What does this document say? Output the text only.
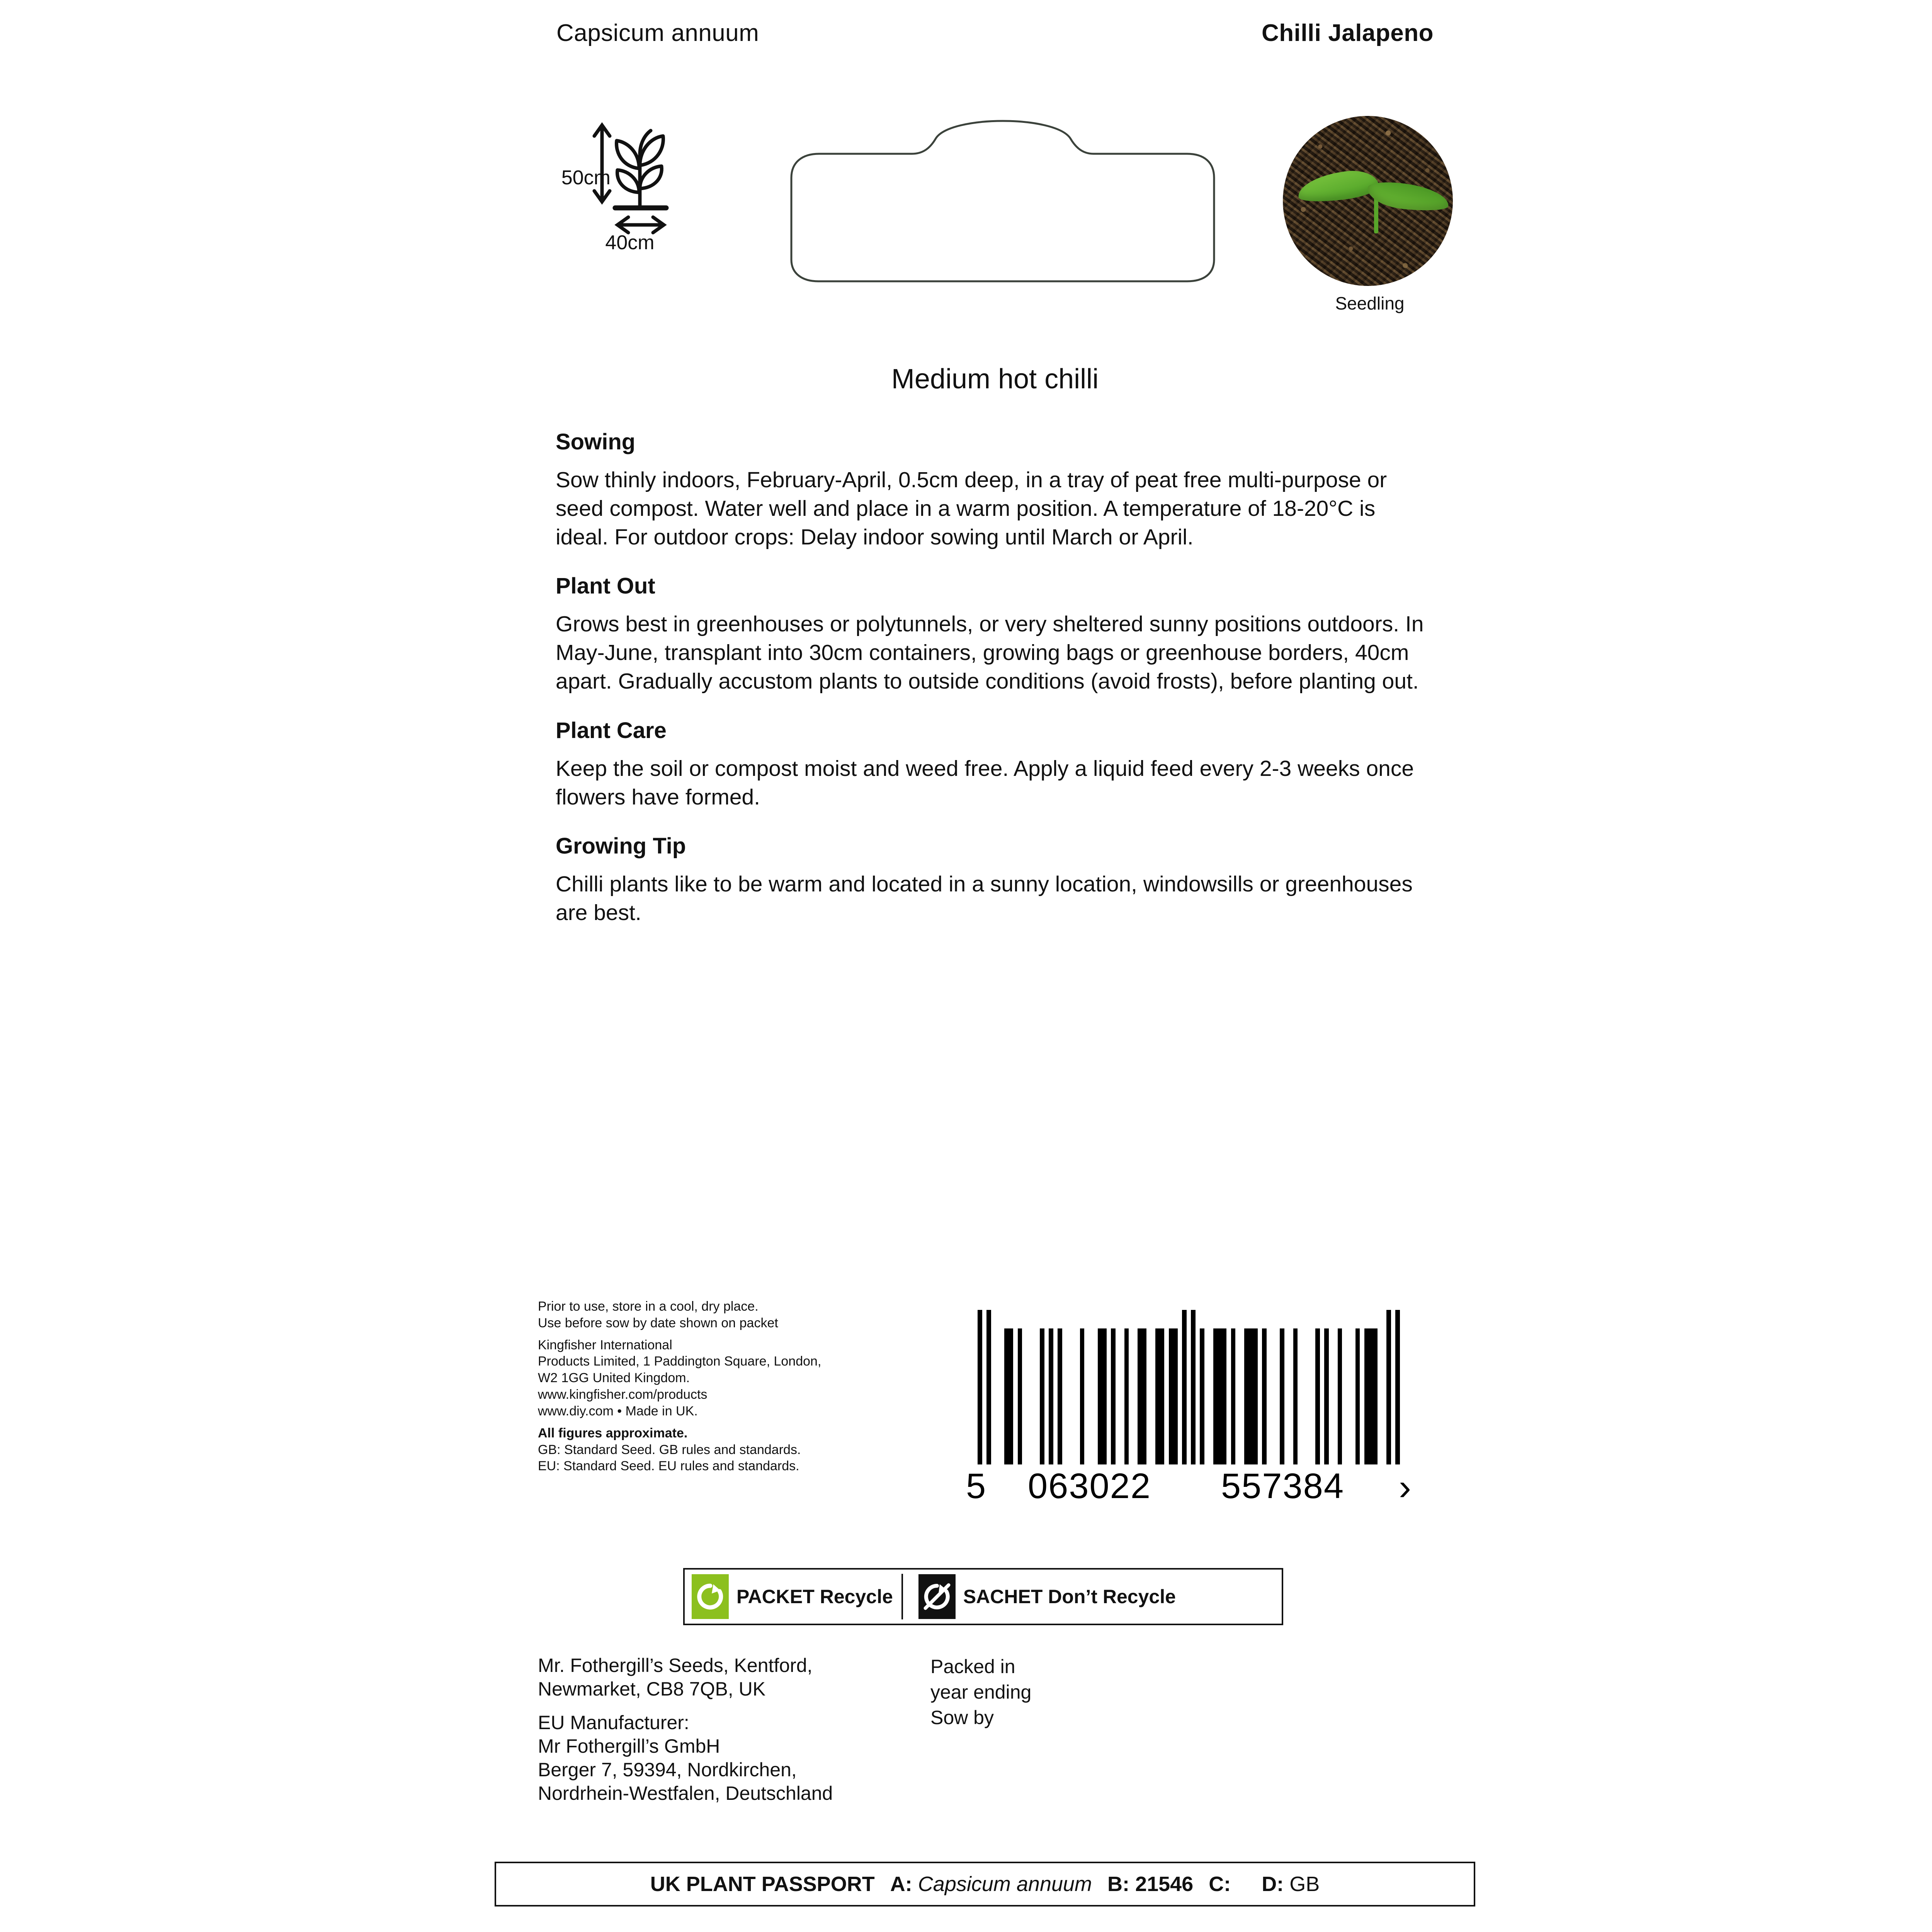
Capsicum annuum	Chilli Jalapeno
50cm
40cm
Seedling
Medium hot chilli
Sowing
Sow thinly indoors, February-April, 0.5cm deep, in a tray of peat free multi-purpose or seed compost. Water well and place in a warm position. A temperature of 18-20°C is ideal. For outdoor crops: Delay indoor sowing until March or April.
Plant Out
Grows best in greenhouses or polytunnels, or very sheltered sunny positions outdoors. In May-June, transplant into 30cm containers, growing bags or greenhouse borders, 40cm apart. Gradually accustom plants to outside conditions (avoid frosts), before planting out.
Plant Care
Keep the soil or compost moist and weed free. Apply a liquid feed every 2-3 weeks once flowers have formed.
Growing Tip
Chilli plants like to be warm and located in a sunny location, windowsills or greenhouses are best.
Prior to use, store in a cool, dry place.
Use before sow by date shown on packet
Kingfisher International
Products Limited, 1 Paddington Square, London,
W2 1GG United Kingdom.
www.kingfisher.com/products
www.diy.com • Made in UK.
All figures approximate.
GB: Standard Seed. GB rules and standards.
EU: Standard Seed. EU rules and standards.
5 063022 557384 ›
PACKET Recycle	SACHET Don’t Recycle
Mr. Fothergill’s Seeds, Kentford,
Newmarket, CB8 7QB, UK
EU Manufacturer:
Mr Fothergill’s GmbH
Berger 7, 59394, Nordkirchen,
Nordrhein-Westfalen, Deutschland
Packed in
year ending
Sow by
UK PLANT PASSPORT A: Capsicum annuum B: 21546 C: D: GB
